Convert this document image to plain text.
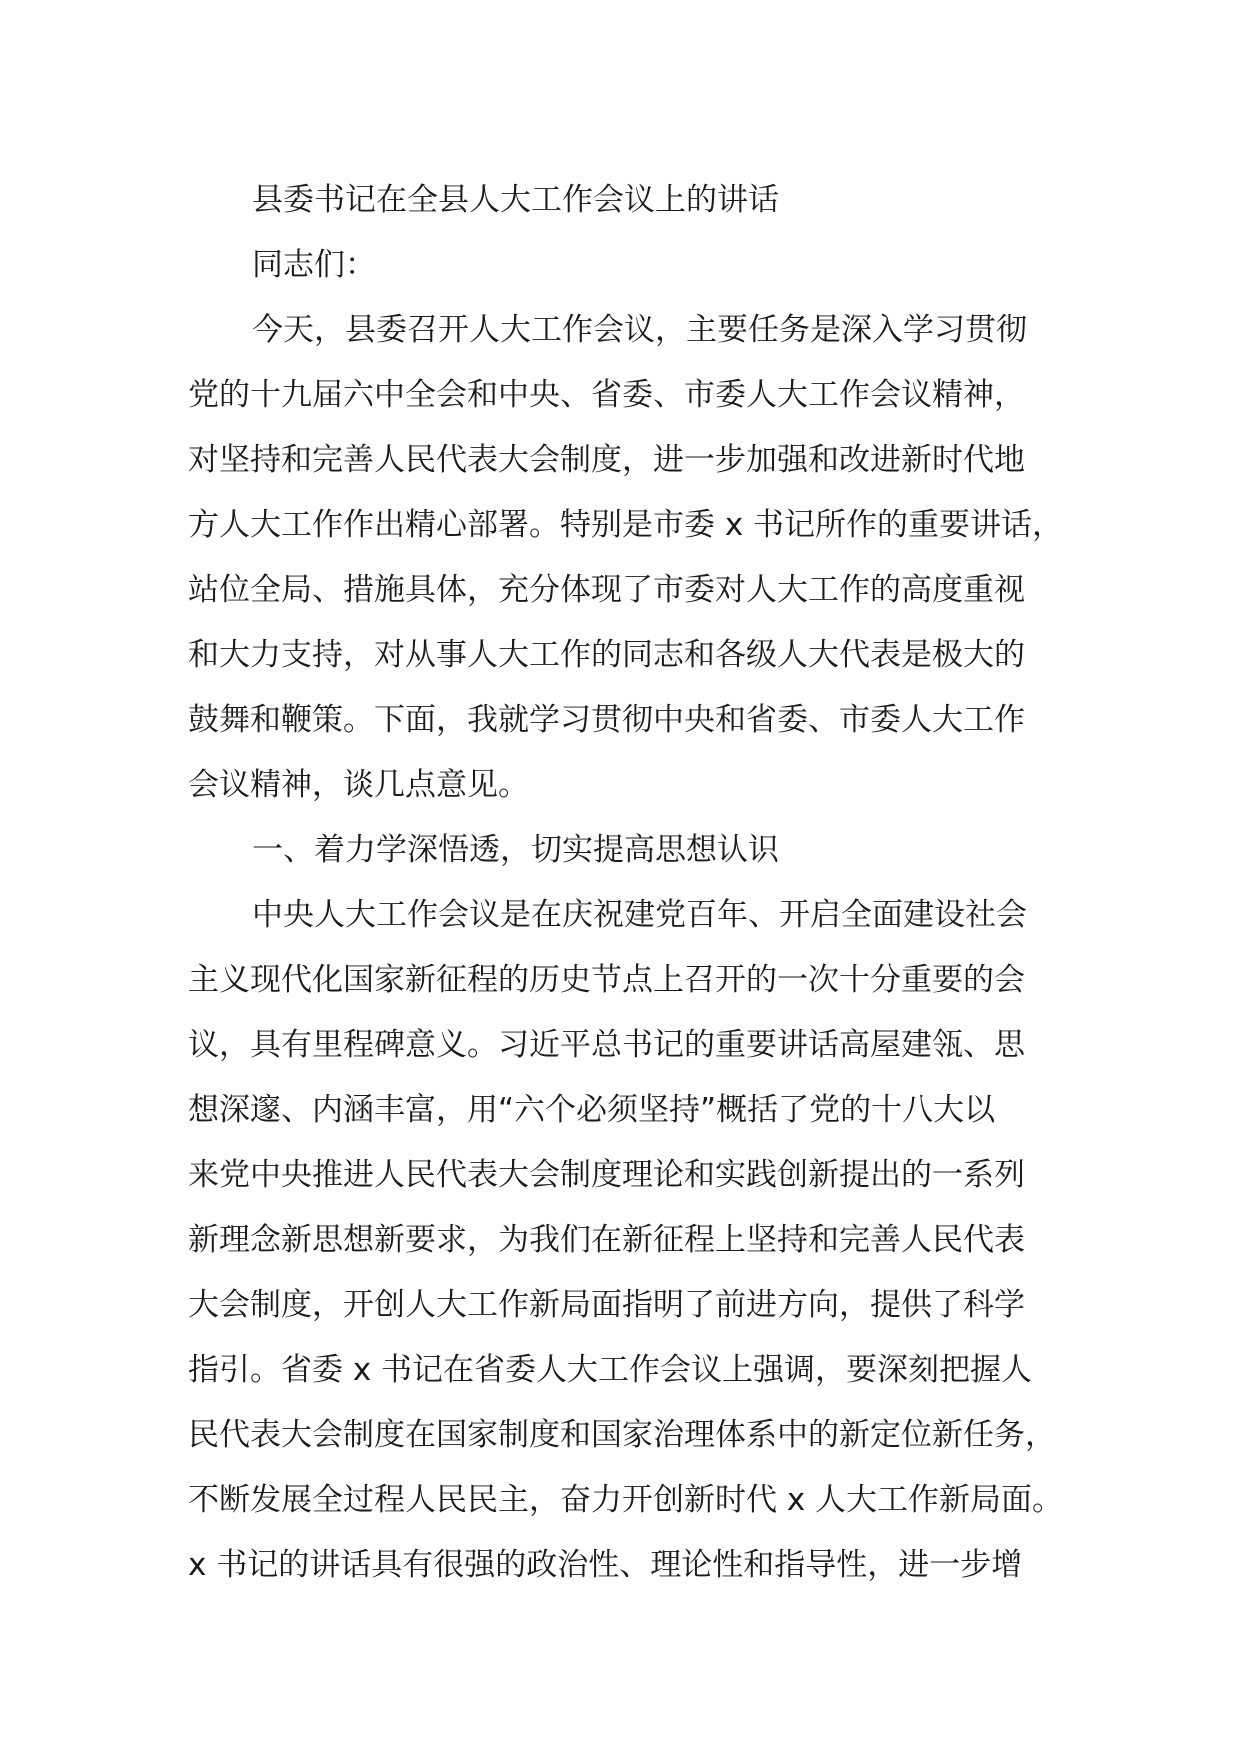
县委书记在全县人大工作会议上的讲话
同志们：
今天，县委召开人大工作会议，主要任务是深入学习贯彻
党的十九届六中全会和中央、省委、市委人大工作会议精神，
对坚持和完善人民代表大会制度，进一步加强和改进新时代地
方人大工作作出精心部署。特别是市委 x 书记所作的重要讲话，
站位全局、措施具体，充分体现了市委对人大工作的高度重视
和大力支持，对从事人大工作的同志和各级人大代表是极大的
鼓舞和鞭策。下面，我就学习贯彻中央和省委、市委人大工作
会议精神，谈几点意见。
一、着力学深悟透，切实提高思想认识
中央人大工作会议是在庆祝建党百年、开启全面建设社会
主义现代化国家新征程的历史节点上召开的一次十分重要的会
议，具有里程碑意义。习近平总书记的重要讲话高屋建瓴、思
想深邃、内涵丰富，用“六个必须坚持”概括了党的十八大以
来党中央推进人民代表大会制度理论和实践创新提出的一系列
新理念新思想新要求，为我们在新征程上坚持和完善人民代表
大会制度，开创人大工作新局面指明了前进方向，提供了科学
指引。省委 x 书记在省委人大工作会议上强调，要深刻把握人
民代表大会制度在国家制度和国家治理体系中的新定位新任务，
不断发展全过程人民民主，奋力开创新时代 x 人大工作新局面。
x 书记的讲话具有很强的政治性、理论性和指导性，进一步增
